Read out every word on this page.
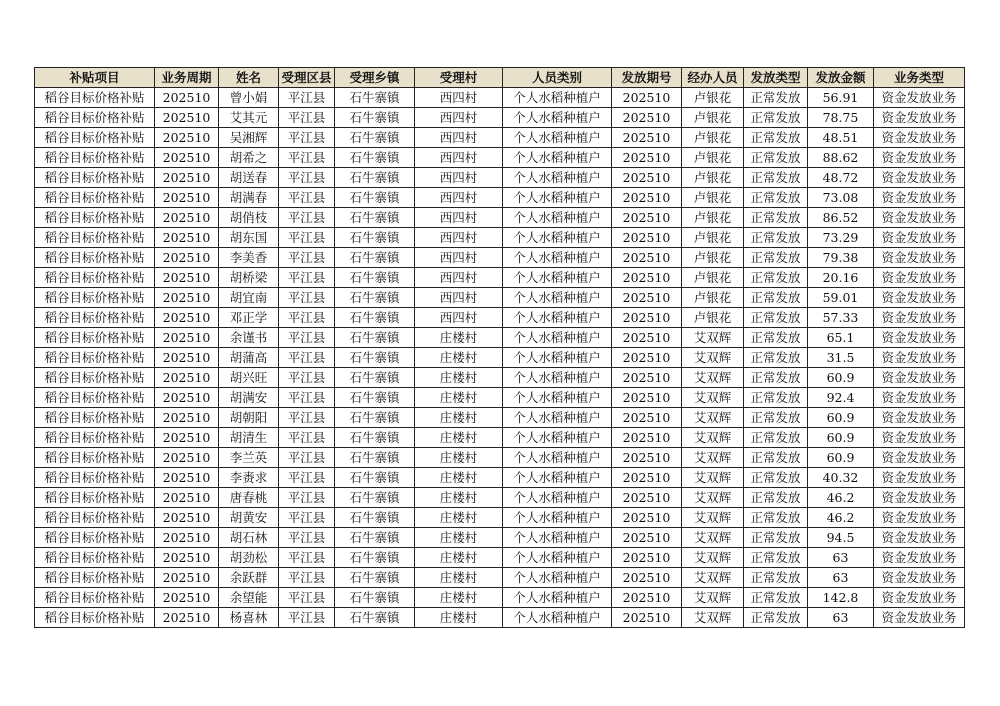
补贴项目	业务周期	姓名	受理区县	受理乡镇	受理村	人员类别	发放期号	经办人员	发放类型	发放金额	业务类型
稻谷目标价格补贴	202510	曾小娟	平江县	石牛寨镇	西四村	个人水稻种植户	202510	卢银花	正常发放	56.91	资金发放业务
稻谷目标价格补贴	202510	艾其元	平江县	石牛寨镇	西四村	个人水稻种植户	202510	卢银花	正常发放	78.75	资金发放业务
稻谷目标价格补贴	202510	吴湘辉	平江县	石牛寨镇	西四村	个人水稻种植户	202510	卢银花	正常发放	48.51	资金发放业务
稻谷目标价格补贴	202510	胡希之	平江县	石牛寨镇	西四村	个人水稻种植户	202510	卢银花	正常发放	88.62	资金发放业务
稻谷目标价格补贴	202510	胡送春	平江县	石牛寨镇	西四村	个人水稻种植户	202510	卢银花	正常发放	48.72	资金发放业务
稻谷目标价格补贴	202510	胡满春	平江县	石牛寨镇	西四村	个人水稻种植户	202510	卢银花	正常发放	73.08	资金发放业务
稻谷目标价格补贴	202510	胡俏枝	平江县	石牛寨镇	西四村	个人水稻种植户	202510	卢银花	正常发放	86.52	资金发放业务
稻谷目标价格补贴	202510	胡东国	平江县	石牛寨镇	西四村	个人水稻种植户	202510	卢银花	正常发放	73.29	资金发放业务
稻谷目标价格补贴	202510	李美香	平江县	石牛寨镇	西四村	个人水稻种植户	202510	卢银花	正常发放	79.38	资金发放业务
稻谷目标价格补贴	202510	胡桥梁	平江县	石牛寨镇	西四村	个人水稻种植户	202510	卢银花	正常发放	20.16	资金发放业务
稻谷目标价格补贴	202510	胡宜南	平江县	石牛寨镇	西四村	个人水稻种植户	202510	卢银花	正常发放	59.01	资金发放业务
稻谷目标价格补贴	202510	邓正学	平江县	石牛寨镇	西四村	个人水稻种植户	202510	卢银花	正常发放	57.33	资金发放业务
稻谷目标价格补贴	202510	余谨书	平江县	石牛寨镇	庄楼村	个人水稻种植户	202510	艾双辉	正常发放	65.1	资金发放业务
稻谷目标价格补贴	202510	胡蒲高	平江县	石牛寨镇	庄楼村	个人水稻种植户	202510	艾双辉	正常发放	31.5	资金发放业务
稻谷目标价格补贴	202510	胡兴旺	平江县	石牛寨镇	庄楼村	个人水稻种植户	202510	艾双辉	正常发放	60.9	资金发放业务
稻谷目标价格补贴	202510	胡满安	平江县	石牛寨镇	庄楼村	个人水稻种植户	202510	艾双辉	正常发放	92.4	资金发放业务
稻谷目标价格补贴	202510	胡朝阳	平江县	石牛寨镇	庄楼村	个人水稻种植户	202510	艾双辉	正常发放	60.9	资金发放业务
稻谷目标价格补贴	202510	胡清生	平江县	石牛寨镇	庄楼村	个人水稻种植户	202510	艾双辉	正常发放	60.9	资金发放业务
稻谷目标价格补贴	202510	李兰英	平江县	石牛寨镇	庄楼村	个人水稻种植户	202510	艾双辉	正常发放	60.9	资金发放业务
稻谷目标价格补贴	202510	李赉求	平江县	石牛寨镇	庄楼村	个人水稻种植户	202510	艾双辉	正常发放	40.32	资金发放业务
稻谷目标价格补贴	202510	唐春桃	平江县	石牛寨镇	庄楼村	个人水稻种植户	202510	艾双辉	正常发放	46.2	资金发放业务
稻谷目标价格补贴	202510	胡黄安	平江县	石牛寨镇	庄楼村	个人水稻种植户	202510	艾双辉	正常发放	46.2	资金发放业务
稻谷目标价格补贴	202510	胡石林	平江县	石牛寨镇	庄楼村	个人水稻种植户	202510	艾双辉	正常发放	94.5	资金发放业务
稻谷目标价格补贴	202510	胡劲松	平江县	石牛寨镇	庄楼村	个人水稻种植户	202510	艾双辉	正常发放	63	资金发放业务
稻谷目标价格补贴	202510	余跃群	平江县	石牛寨镇	庄楼村	个人水稻种植户	202510	艾双辉	正常发放	63	资金发放业务
稻谷目标价格补贴	202510	余望能	平江县	石牛寨镇	庄楼村	个人水稻种植户	202510	艾双辉	正常发放	142.8	资金发放业务
稻谷目标价格补贴	202510	杨喜林	平江县	石牛寨镇	庄楼村	个人水稻种植户	202510	艾双辉	正常发放	63	资金发放业务
